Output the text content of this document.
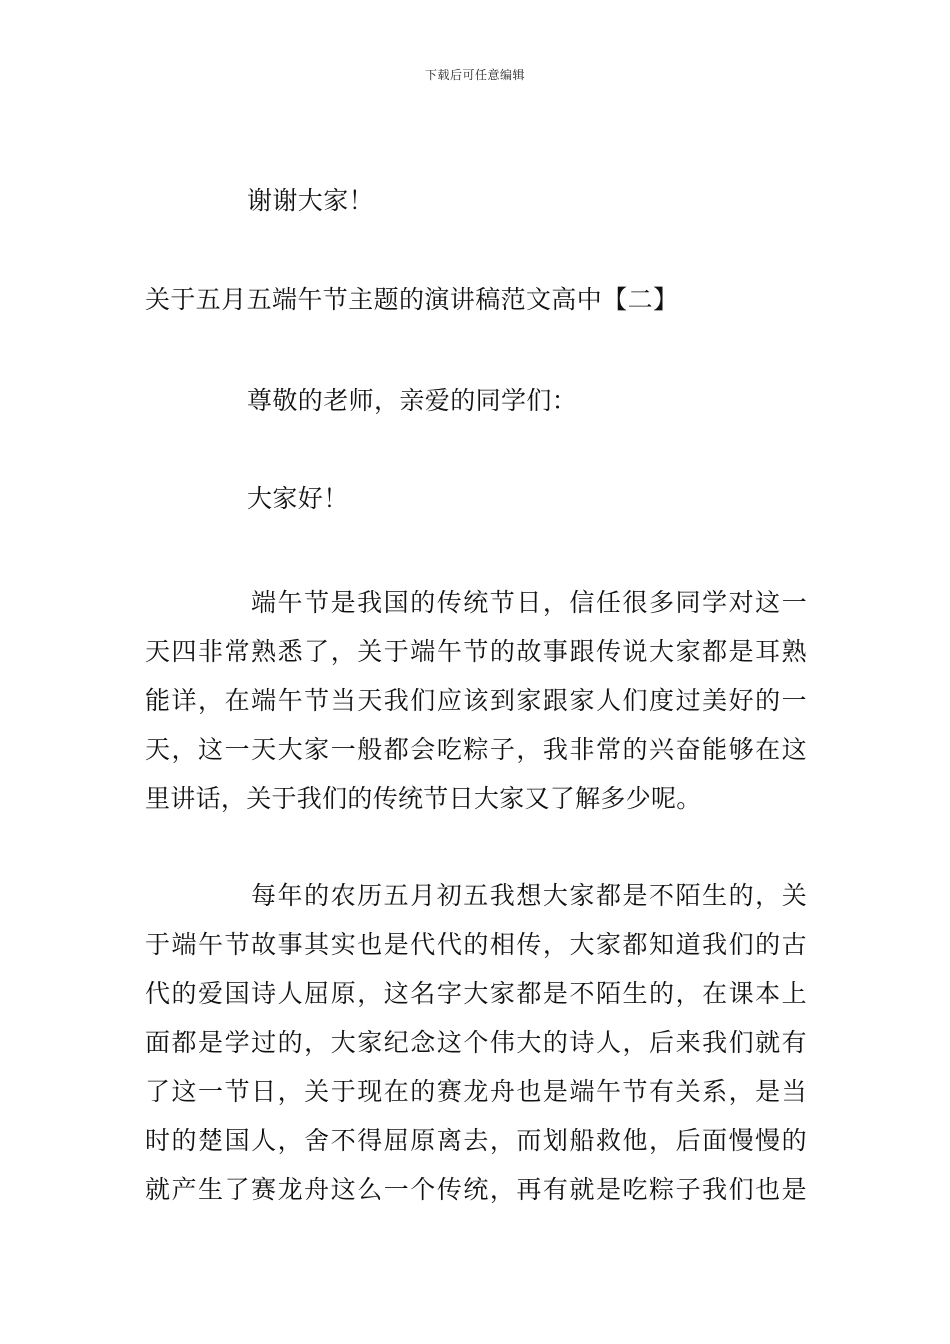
下载后可任意编辑
谢谢大家！
关于五月五端午节主题的演讲稿范文高中【二】
尊敬的老师，亲爱的同学们：
大家好！
端午节是我国的传统节日，信任很多同学对这一
天四非常熟悉了，关于端午节的故事跟传说大家都是耳熟
能详，在端午节当天我们应该到家跟家人们度过美好的一
天，这一天大家一般都会吃粽子，我非常的兴奋能够在这
里讲话，关于我们的传统节日大家又了解多少呢。
每年的农历五月初五我想大家都是不陌生的，关
于端午节故事其实也是代代的相传，大家都知道我们的古
代的爱国诗人屈原，这名字大家都是不陌生的，在课本上
面都是学过的，大家纪念这个伟大的诗人，后来我们就有
了这一节日，关于现在的赛龙舟也是端午节有关系，是当
时的楚国人，舍不得屈原离去，而划船救他，后面慢慢的
就产生了赛龙舟这么一个传统，再有就是吃粽子我们也是
